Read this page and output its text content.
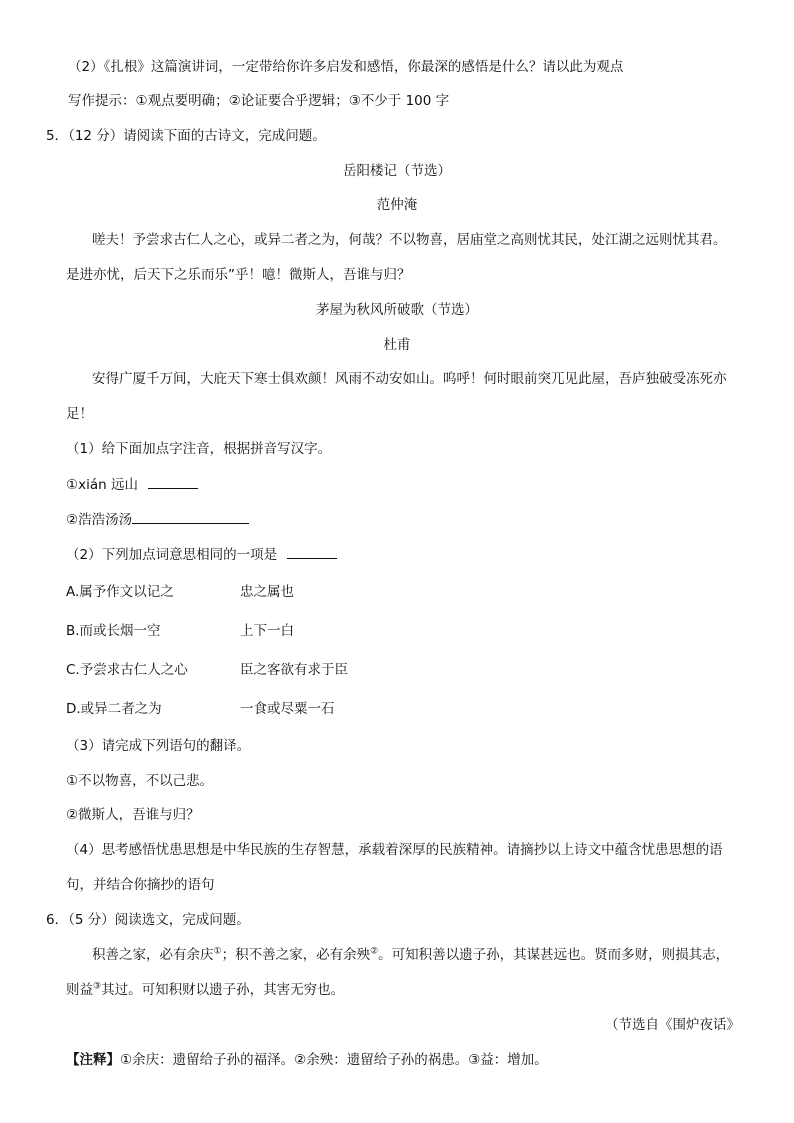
（2）《扎根》这篇演讲词，一定带给你许多启发和感悟，你最深的感悟是什么？请以此为观点
写作提示：①观点要明确；②论证要合乎逻辑；③不少于 100 字
5．（12 分）请阅读下面的古诗文，完成问题。
岳阳楼记（节选）
范仲淹
嗟夫！予尝求古仁人之心，或异二者之为，何哉？不以物喜，居庙堂之高则忧其民，处江湖之远则忧其君。
是进亦忧，后天下之乐而乐”乎！噫！微斯人，吾谁与归？
茅屋为秋风所破歌（节选）
杜甫
安得广厦千万间，大庇天下寒士俱欢颜！风雨不动安如山。呜呼！何时眼前突兀见此屋，吾庐独破受冻死亦
足！
（1）给下面加点字注音，根据拼音写汉字。
①xián 远山
②浩浩汤汤
（2）下列加点词意思相同的一项是
A.属予作文以记之	忠之属也
B.而或长烟一空	上下一白
C.予尝求古仁人之心	臣之客欲有求于臣
D.或异二者之为	一食或尽粟一石
（3）请完成下列语句的翻译。
①不以物喜，不以己悲。
②微斯人，吾谁与归？
（4）思考感悟忧患思想是中华民族的生存智慧，承载着深厚的民族精神。请摘抄以上诗文中蕴含忧患思想的语
句，并结合你摘抄的语句
6．（5 分）阅读选文，完成问题。
积善之家，必有余庆①；积不善之家，必有余殃②。可知积善以遗子孙，其谋甚远也。贤而多财，则损其志，
则益③其过。可知积财以遗子孙，其害无穷也。
（节选自《围炉夜话》
【注释】①余庆：遗留给子孙的福泽。②余殃：遗留给子孙的祸患。③益：增加。
